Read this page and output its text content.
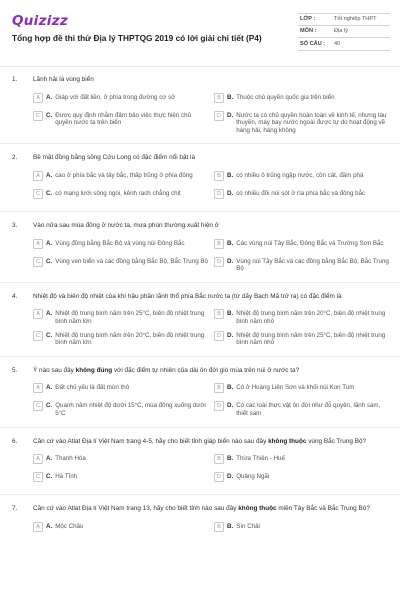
Quizizz
Tổng hợp đề thi thử Địa lý THPTQG 2019 có lời giải chi tiết (P4)
LỚP :	Tốt nghiệp THPT
MÔN :	Địa lý
SỐ CÂU :	40
1. Lãnh hải là vùng biển
A	A. Giáp với đất liền, ở phía trong đường cơ sở	B	B. Thuộc chủ quyền quốc gia trên biển
C C. Được quy định nhằm đảm bảo việc thực hiện chủ quyền nước ta trên biển
D D. Nước ta có chủ quyền hoàn toàn về kinh tế, nhưng tàu thuyền, máy bay nước ngoài được tự do hoạt động về hàng hải, hàng không
2. Bề mặt đồng bằng sông Cửu Long có đặc điểm nổi bật là
A	A. cao ở phía bắc và tây bắc, thấp trũng ở phía đông	B	B. có nhiều ô trũng ngập nước, cồn cát, đầm phá
C C. có mạng lưới sông ngòi, kênh rạch chằng chịt	D D. có nhiều đồi núi sót ở rìa phía bắc và đông bắc
3. Vào nửa sau mùa đông ở nước ta, mưa phùn thường xuất hiện ở
A	A. Vùng đồng bằng Bắc Bộ và vùng núi Đông Bắc	B	B. Các vùng núi Tây Bắc, Đông Bắc và Trường Sơn Bắc
C C. Vùng ven biển và các đồng bằng Bắc Bộ, Bắc Trung Bộ	D D. Vùng núi Tây Bắc và các đồng bằng Bắc Bộ, Bắc Trung Bộ
4. Nhiệt độ và biên độ nhiệt của khí hậu phần lãnh thổ phía Bắc nước ta (từ dãy Bạch Mã trở ra) có đặc điểm là
A	A. Nhiệt độ trung bình năm trên 25°C, biên độ nhiệt trung bình năm lớn
B	B. Nhiệt độ trung bình năm trên 20°C, biên độ nhiệt trung bình năm nhỏ
C C. Nhiệt độ trung bình năm trên 20°C, biên độ nhiệt trung bình năm lớn
D D. Nhiệt độ trung bình năm trên 25°C, biên độ nhiệt trung bình năm nhỏ
5. Ý nào sau đây không đúng với đặc điểm tự nhiên của dải ôn đới gió mùa trên núi ở nước ta?
A	A. Đất chủ yếu là đất mùn thô	B	B. Có ở Hoàng Liên Sơn và khối núi Kon Tum
C C. Quanh năm nhiệt độ dưới 15°C, mùa đông xuống dưới 5°C
D D. Có các loài thực vật ôn đới như đỗ quyên, lãnh sam, thiết sam
6. Căn cứ vào Atlat Địa lí Việt Nam trang 4-5, hãy cho biết tỉnh giáp biển nào sau đây không thuộc vùng Bắc Trung Bộ?
A	A. Thanh Hóa	B	B. Thừa Thiên - Huế
C C. Hà Tĩnh	D D. Quảng Ngãi
7. Căn cứ vào Atlat Địa lí Việt Nam trang 13, hãy cho biết tỉnh nào sau đây không thuộc miền Tây Bắc và Bắc Trung Bộ?
A	A. Mộc Châu	B	B. Sìn Chải
